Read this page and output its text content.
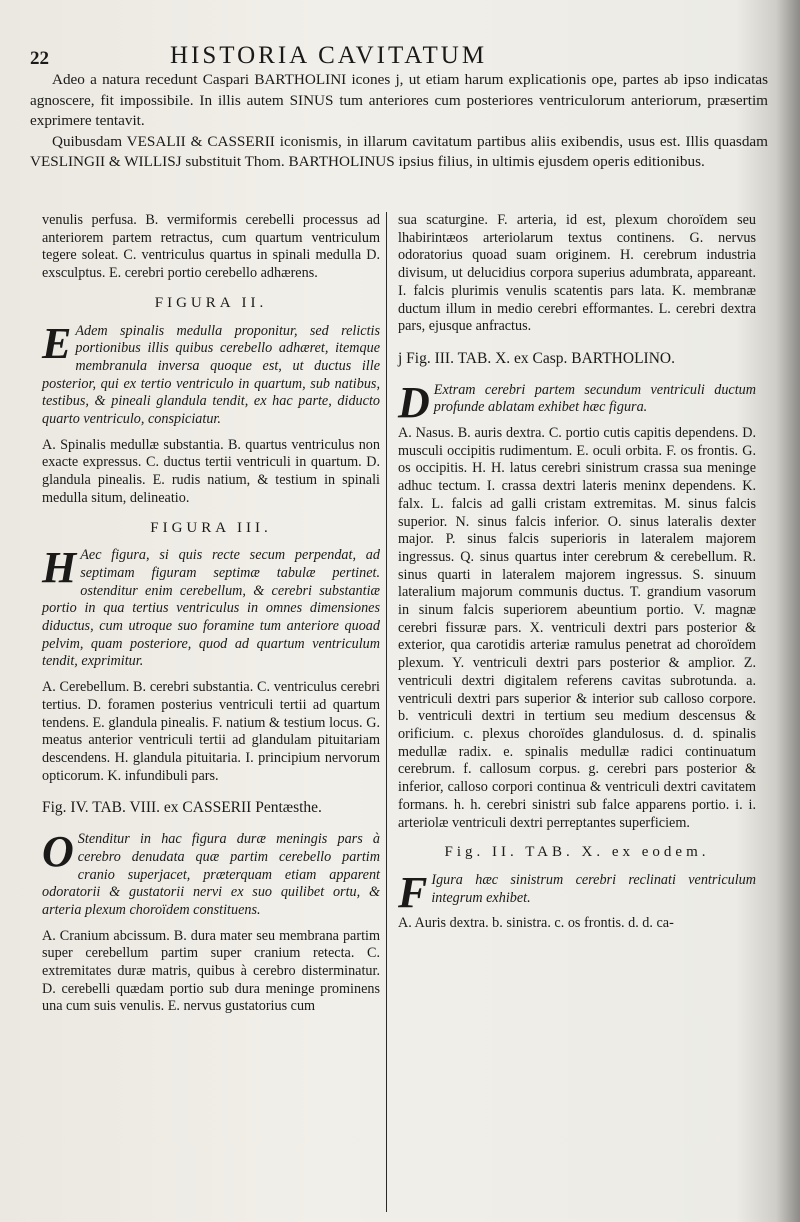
22	HISTORIA CAVITATUM

Adeo a natura recedunt Caspari BARTHOLINI icones j, ut etiam harum explicationis ope, partes ab ipso indicatas agnoscere, fit impossibile. In illis autem SINUS tum anteriores cum posteriores ventriculorum anteriorum, præsertim exprimere tentavit.

Quibusdam VESALII & CASSERII iconismis, in illarum cavitatum partibus aliis exibendis, usus est. Illis quasdam VESLINGII & WILLISJ substituit Thom. BARTHOLINUS ipsius filius, in ultimis ejusdem operis editionibus.

venulis perfusa. B. vermiformis cerebelli processus ad anteriorem partem retractus, cum quartum ventriculum tegere soleat. C. ventriculus quartus in spinali medulla D. exsculptus. E. cerebri portio cerebello adhærens.

FIGURA II.

E Adem spinalis medulla proponitur, sed relictis portionibus illis quibus cerebello adhæret, itemque membranula inversa quoque est, ut ductus ille posterior, qui ex tertio ventriculo in quartum, sub natibus, testibus, & pineali glandula tendit, ex hac parte, diducto quarto ventriculo, conspiciatur.

A. Spinalis medullæ substantia. B. quartus ventriculus non exacte expressus. C. ductus tertii ventriculi in quartum. D. glandula pinealis. E. rudis natium, & testium in spinali medulla situm, delineatio.

FIGURA III.

H Aec figura, si quis recte secum perpendat, ad septimam figuram septimæ tabulæ pertinet. ostenditur enim cerebellum, & cerebri substantiæ portio in qua tertius ventriculus in omnes dimensiones diductus, cum utroque suo foramine tum anteriore quoad pelvim, quam posteriore, quod ad quartum ventriculum tendit, exprimitur.

A. Cerebellum. B. cerebri substantia. C. ventriculus cerebri tertius. D. foramen posterius ventriculi tertii ad quartum tendens. E. glandula pinealis. F. natium & testium locus. G. meatus anterior ventriculi tertii ad glandulam pituitariam descendens. H. glandula pituitaria. I. principium nervorum opticorum. K. infundibuli pars.

Fig. IV. TAB. VIII. ex CASSERII Pentæsthe.

O Stenditur in hac figura duræ meningis pars à cerebro denudata quæ partim cerebello partim cranio superjacet, præterquam etiam apparent odoratorii & gustatorii nervi ex suo quilibet ortu, & arteria plexum choroïdem constituens.

A. Cranium abcissum. B. dura mater seu membrana partim super cerebellum partim super cranium retecta. C. extremitates duræ matris, quibus à cerebro disterminatur. D. cerebelli quædam portio sub dura meninge prominens una cum suis venulis. E. nervus gustatorius cum

sua scaturgine. F. arteria, id est, plexum choroïdem seu lhabirintæos arteriolarum textus continens. G. nervus odoratorius quoad suam originem. H. cerebrum industria divisum, ut delucidius corpora superius adumbrata, appareant. I. falcis plurimis venulis scatentis pars lata. K. membranæ ductum illum in medio cerebri efformantes. L. cerebri dextra pars, ejusque anfractus.

j Fig. III. TAB. X. ex Casp. BARTHOLINO.

D Extram cerebri partem secundum ventriculi ductum profunde ablatam exhibet hæc figura.

A. Nasus. B. auris dextra. C. portio cutis capitis dependens. D. musculi occipitis rudimentum. E. oculi orbita. F. os frontis. G. os occipitis. H. H. latus cerebri sinistrum crassa sua meninge adhuc tectum. I. crassa dextri lateris meninx dependens. K. falx. L. falcis ad galli cristam extremitas. M. sinus falcis superior. N. sinus falcis inferior. O. sinus lateralis dexter major. P. sinus falcis superioris in lateralem majorem ingressus. Q. sinus quartus inter cerebrum & cerebellum. R. sinus quarti in lateralem majorem ingressus. S. sinuum lateralium majorum communis ductus. T. grandium vasorum in sinum falcis superiorem abeuntium portio. V. magnæ cerebri fissuræ pars. X. ventriculi dextri pars posterior & exterior, qua carotidis arteriæ ramulus penetrat ad choroïdem plexum. Y. ventriculi dextri pars posterior & amplior. Z. ventriculi dextri digitalem referens cavitas subrotunda. a. ventriculi dextri pars superior & interior sub calloso corpore. b. ventriculi dextri in tertium seu medium descensus & orificium. c. plexus choroïdes glandulosus. d. d. spinalis medullæ radix. e. spinalis medullæ radici continuatum cerebrum. f. callosum corpus. g. cerebri pars posterior & inferior, calloso corpori continua & ventriculi dextri cavitatem formans. h. h. cerebri sinistri sub falce apparens portio. i. i. arteriolæ ventriculi dextri perreptantes superficiem.

Fig. II. TAB. X. ex eodem.

F Igura hæc sinistrum cerebri reclinati ventriculum integrum exhibet.

A. Auris dextra. b. sinistra. c. os frontis. d. d. ca-
